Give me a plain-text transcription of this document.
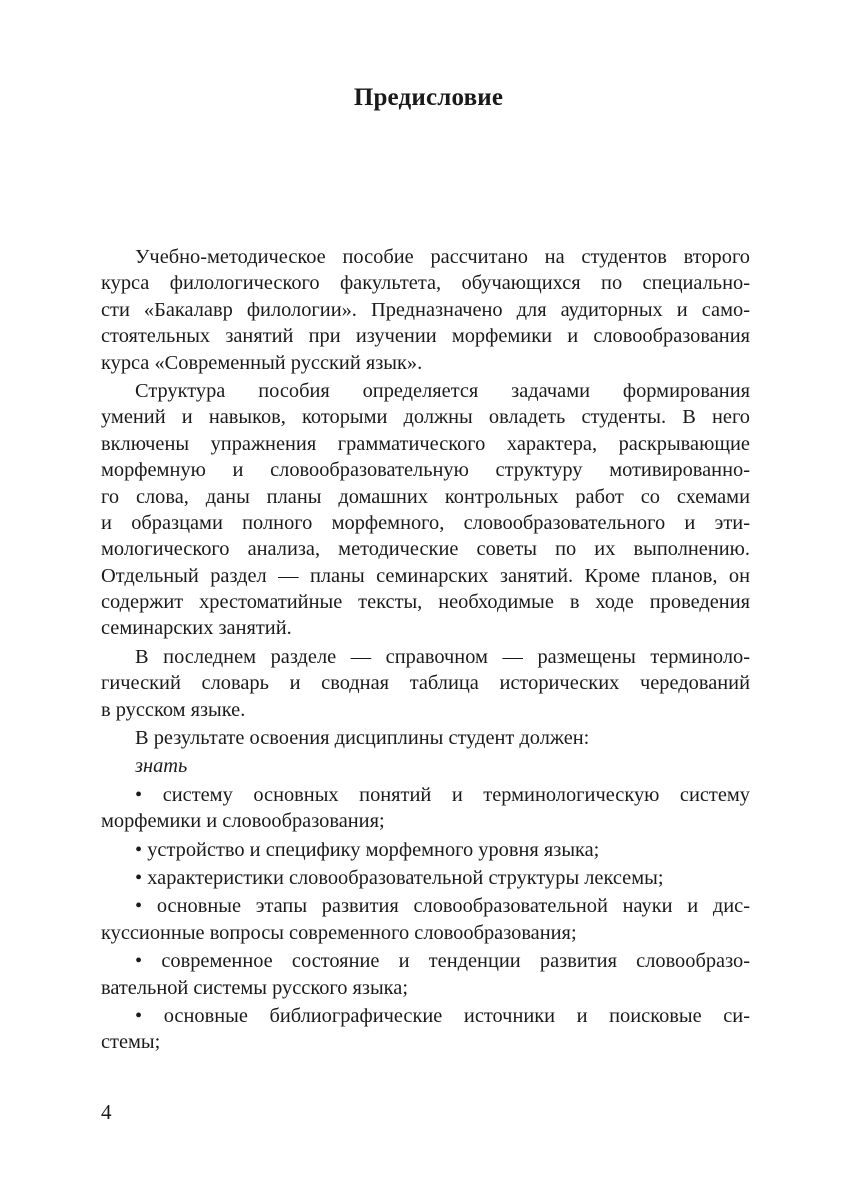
Предисловие
Учебно-методическое пособие рассчитано на студентов второго
курса филологического факультета, обучающихся по специально-
сти «Бакалавр филологии». Предназначено для аудиторных и само-
стоятельных занятий при изучении морфемики и словообразования
курса «Современный русский язык».
Структура пособия определяется задачами формирования
умений и навыков, которыми должны овладеть студенты. В него
включены упражнения грамматического характера, раскрывающие
морфемную и словообразовательную структуру мотивированно-
го слова, даны планы домашних контрольных работ со схемами
и образцами полного морфемного, словообразовательного и эти-
мологического анализа, методические советы по их выполнению.
Отдельный раздел — планы семинарских занятий. Кроме планов, он
содержит хрестоматийные тексты, необходимые в ходе проведения
семинарских занятий.
В последнем разделе — справочном — размещены терминоло-
гический словарь и сводная таблица исторических чередований
в русском языке.
В результате освоения дисциплины студент должен:
знать
• систему основных понятий и терминологическую систему
морфемики и словообразования;
• устройство и специфику морфемного уровня языка;
• характеристики словообразовательной структуры лексемы;
• основные этапы развития словообразовательной науки и дис-
куссионные вопросы современного словообразования;
• современное состояние и тенденции развития словообразо-
вательной системы русского языка;
• основные библиографические источники и поисковые си-
стемы;
4
